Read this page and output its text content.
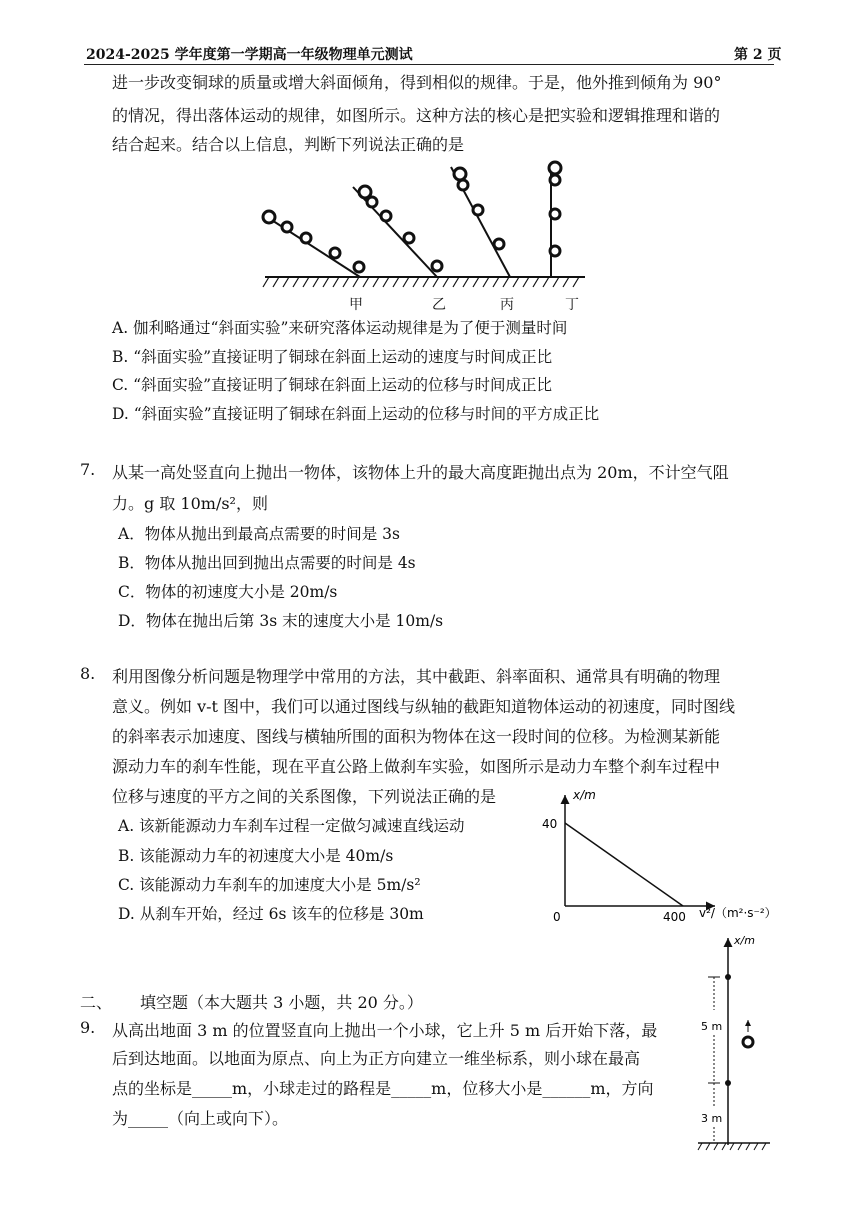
2024-2025 学年度第一学期高一年级物理单元测试	第 2 页
进一步改变铜球的质量或增大斜面倾角，得到相似的规律。于是，他外推到倾角为 90°
的情况，得出落体运动的规律，如图所示。这种方法的核心是把实验和逻辑推理和谐的
结合起来。结合以上信息，判断下列说法正确的是
甲	乙	丙	丁
A. 伽利略通过“斜面实验”来研究落体运动规律是为了便于测量时间
B. “斜面实验”直接证明了铜球在斜面上运动的速度与时间成正比
C. “斜面实验”直接证明了铜球在斜面上运动的位移与时间成正比
D. “斜面实验”直接证明了铜球在斜面上运动的位移与时间的平方成正比
7. 从某一高处竖直向上抛出一物体，该物体上升的最大高度距抛出点为 20m，不计空气阻
力。g 取 10m/s²，则
A．物体从抛出到最高点需要的时间是 3s
B．物体从抛出回到抛出点需要的时间是 4s
C．物体的初速度大小是 20m/s
D．物体在抛出后第 3s 末的速度大小是 10m/s
8. 利用图像分析问题是物理学中常用的方法，其中截距、斜率面积、通常具有明确的物理
意义。例如 v-t 图中，我们可以通过图线与纵轴的截距知道物体运动的初速度，同时图线
的斜率表示加速度、图线与横轴所围的面积为物体在这一段时间的位移。为检测某新能
源动力车的刹车性能，现在平直公路上做刹车实验，如图所示是动力车整个刹车过程中
位移与速度的平方之间的关系图像，下列说法正确的是
A. 该新能源动力车刹车过程一定做匀减速直线运动
B. 该能源动力车的初速度大小是 40m/s
C. 该能源动力车刹车的加速度大小是 5m/s²
D. 从刹车开始，经过 6s 该车的位移是 30m
x/m
v²/（m²·s⁻²）
0
40
400
二、 填空题（本大题共 3 小题，共 20 分。）
9. 从高出地面 3 m 的位置竖直向上抛出一个小球，它上升 5 m 后开始下落，最
后到达地面。以地面为原点、向上为正方向建立一维坐标系，则小球在最高
点的坐标是_____m，小球走过的路程是_____m，位移大小是______m，方向
为_____（向上或向下）。
x/m
5 m
3 m
